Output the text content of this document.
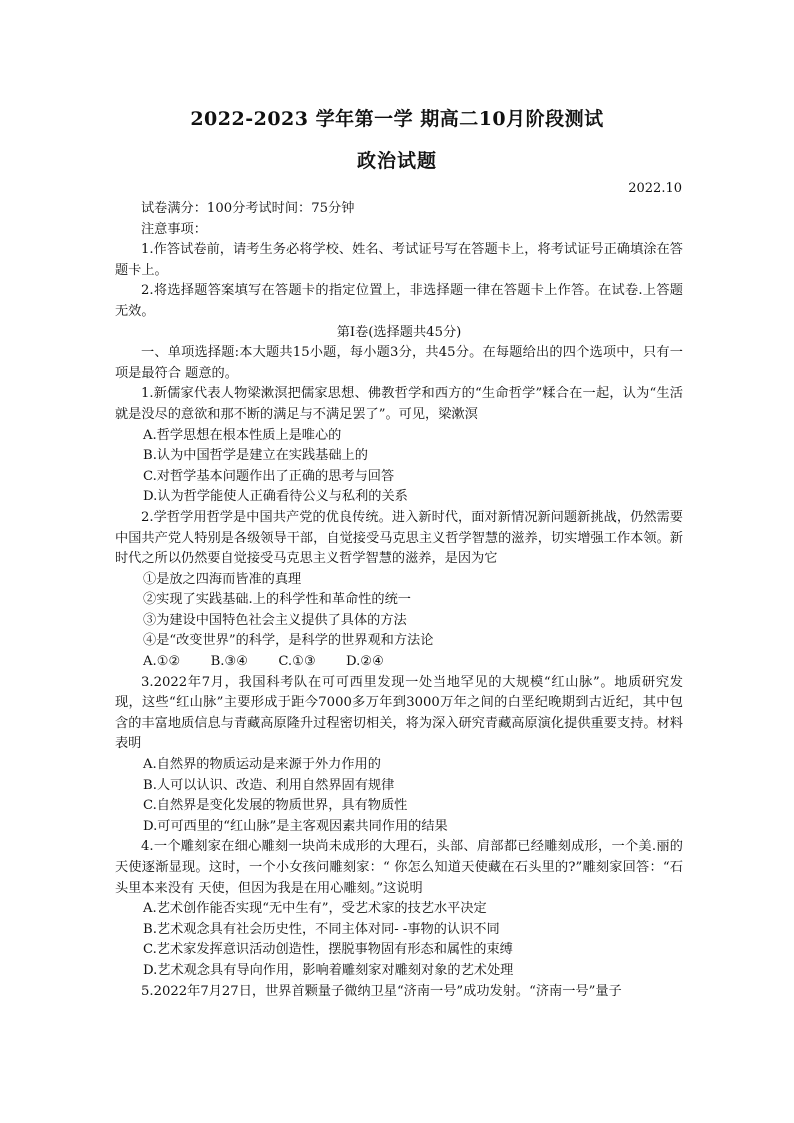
2022-2023 学年第一学 期高二10月阶段测试
政治试题
2022.10

试卷满分：100分考试时间：75分钟

注意事项：

1.作答试卷前，请考生务必将学校、姓名、考试证号写在答题卡上，将考试证号正确填涂在答题卡上。

2.将选择题答案填写在答题卡的指定位置上，非选择题一律在答题卡上作答。在试卷.上答题无效。

第Ⅰ卷(选择题共45分)

一、单项选择题:本大题共15小题，每小题3分，共45分。在每题给出的四个选项中，只有一项是最符合 题意的。

1.新儒家代表人物梁漱溟把儒家思想、佛教哲学和西方的“生命哲学”糅合在一起，认为“生活就是没尽的意欲和那不断的满足与不满足罢了”。可见，梁漱溟

A.哲学思想在根本性质上是唯心的

B.认为中国哲学是建立在实践基础上的

C.对哲学基本问题作出了正确的思考与回答

D.认为哲学能使人正确看待公义与私利的关系

2.学哲学用哲学是中国共产党的优良传统。进入新时代，面对新情况新问题新挑战，仍然需要中国共产党人特别是各级领导干部，自觉接受马克思主义哲学智慧的滋养，切实增强工作本领。新时代之所以仍然要自觉接受马克思主义哲学智慧的滋养，是因为它

①是放之四海而皆准的真理

②实现了实践基础.上的科学性和革命性的统一

③为建设中国特色社会主义提供了具体的方法

④是“改变世界”的科学，是科学的世界观和方法论

A.①② B.③④ C.①③ D.②④

3.2022年7月，我国科考队在可可西里发现一处当地罕见的大规模“红山脉”。地质研究发现，这些“红山脉”主要形成于距今7000多万年到3000万年之间的白垩纪晚期到古近纪，其中包含的丰富地质信息与青藏高原隆升过程密切相关，将为深入研究青藏高原演化提供重要支持。材料表明

A.自然界的物质运动是来源于外力作用的

B.人可以认识、改造、利用自然界固有规律

C.自然界是变化发展的物质世界，具有物质性

D.可可西里的“红山脉”是主客观因素共同作用的结果

4.一个雕刻家在细心雕刻一块尚未成形的大理石，头部、肩部都已经雕刻成形，一个美.丽的天使逐渐显现。这时，一个小女孩问雕刻家：“ 你怎么知道天使藏在石头里的?”雕刻家回答：“石头里本来没有 天使，但因为我是在用心雕刻。”这说明

A.艺术创作能否实现“无中生有”，受艺术家的技艺水平决定

B.艺术观念具有社会历史性，不同主体对同- -事物的认识不同

C.艺术家发挥意识活动创造性，摆脱事物固有形态和属性的束缚

D.艺术观念具有导向作用，影响着雕刻家对雕刻对象的艺术处理

5.2022年7月27日，世界首颗量子微纳卫星“济南一号”成功发射。“济南一号”量子
